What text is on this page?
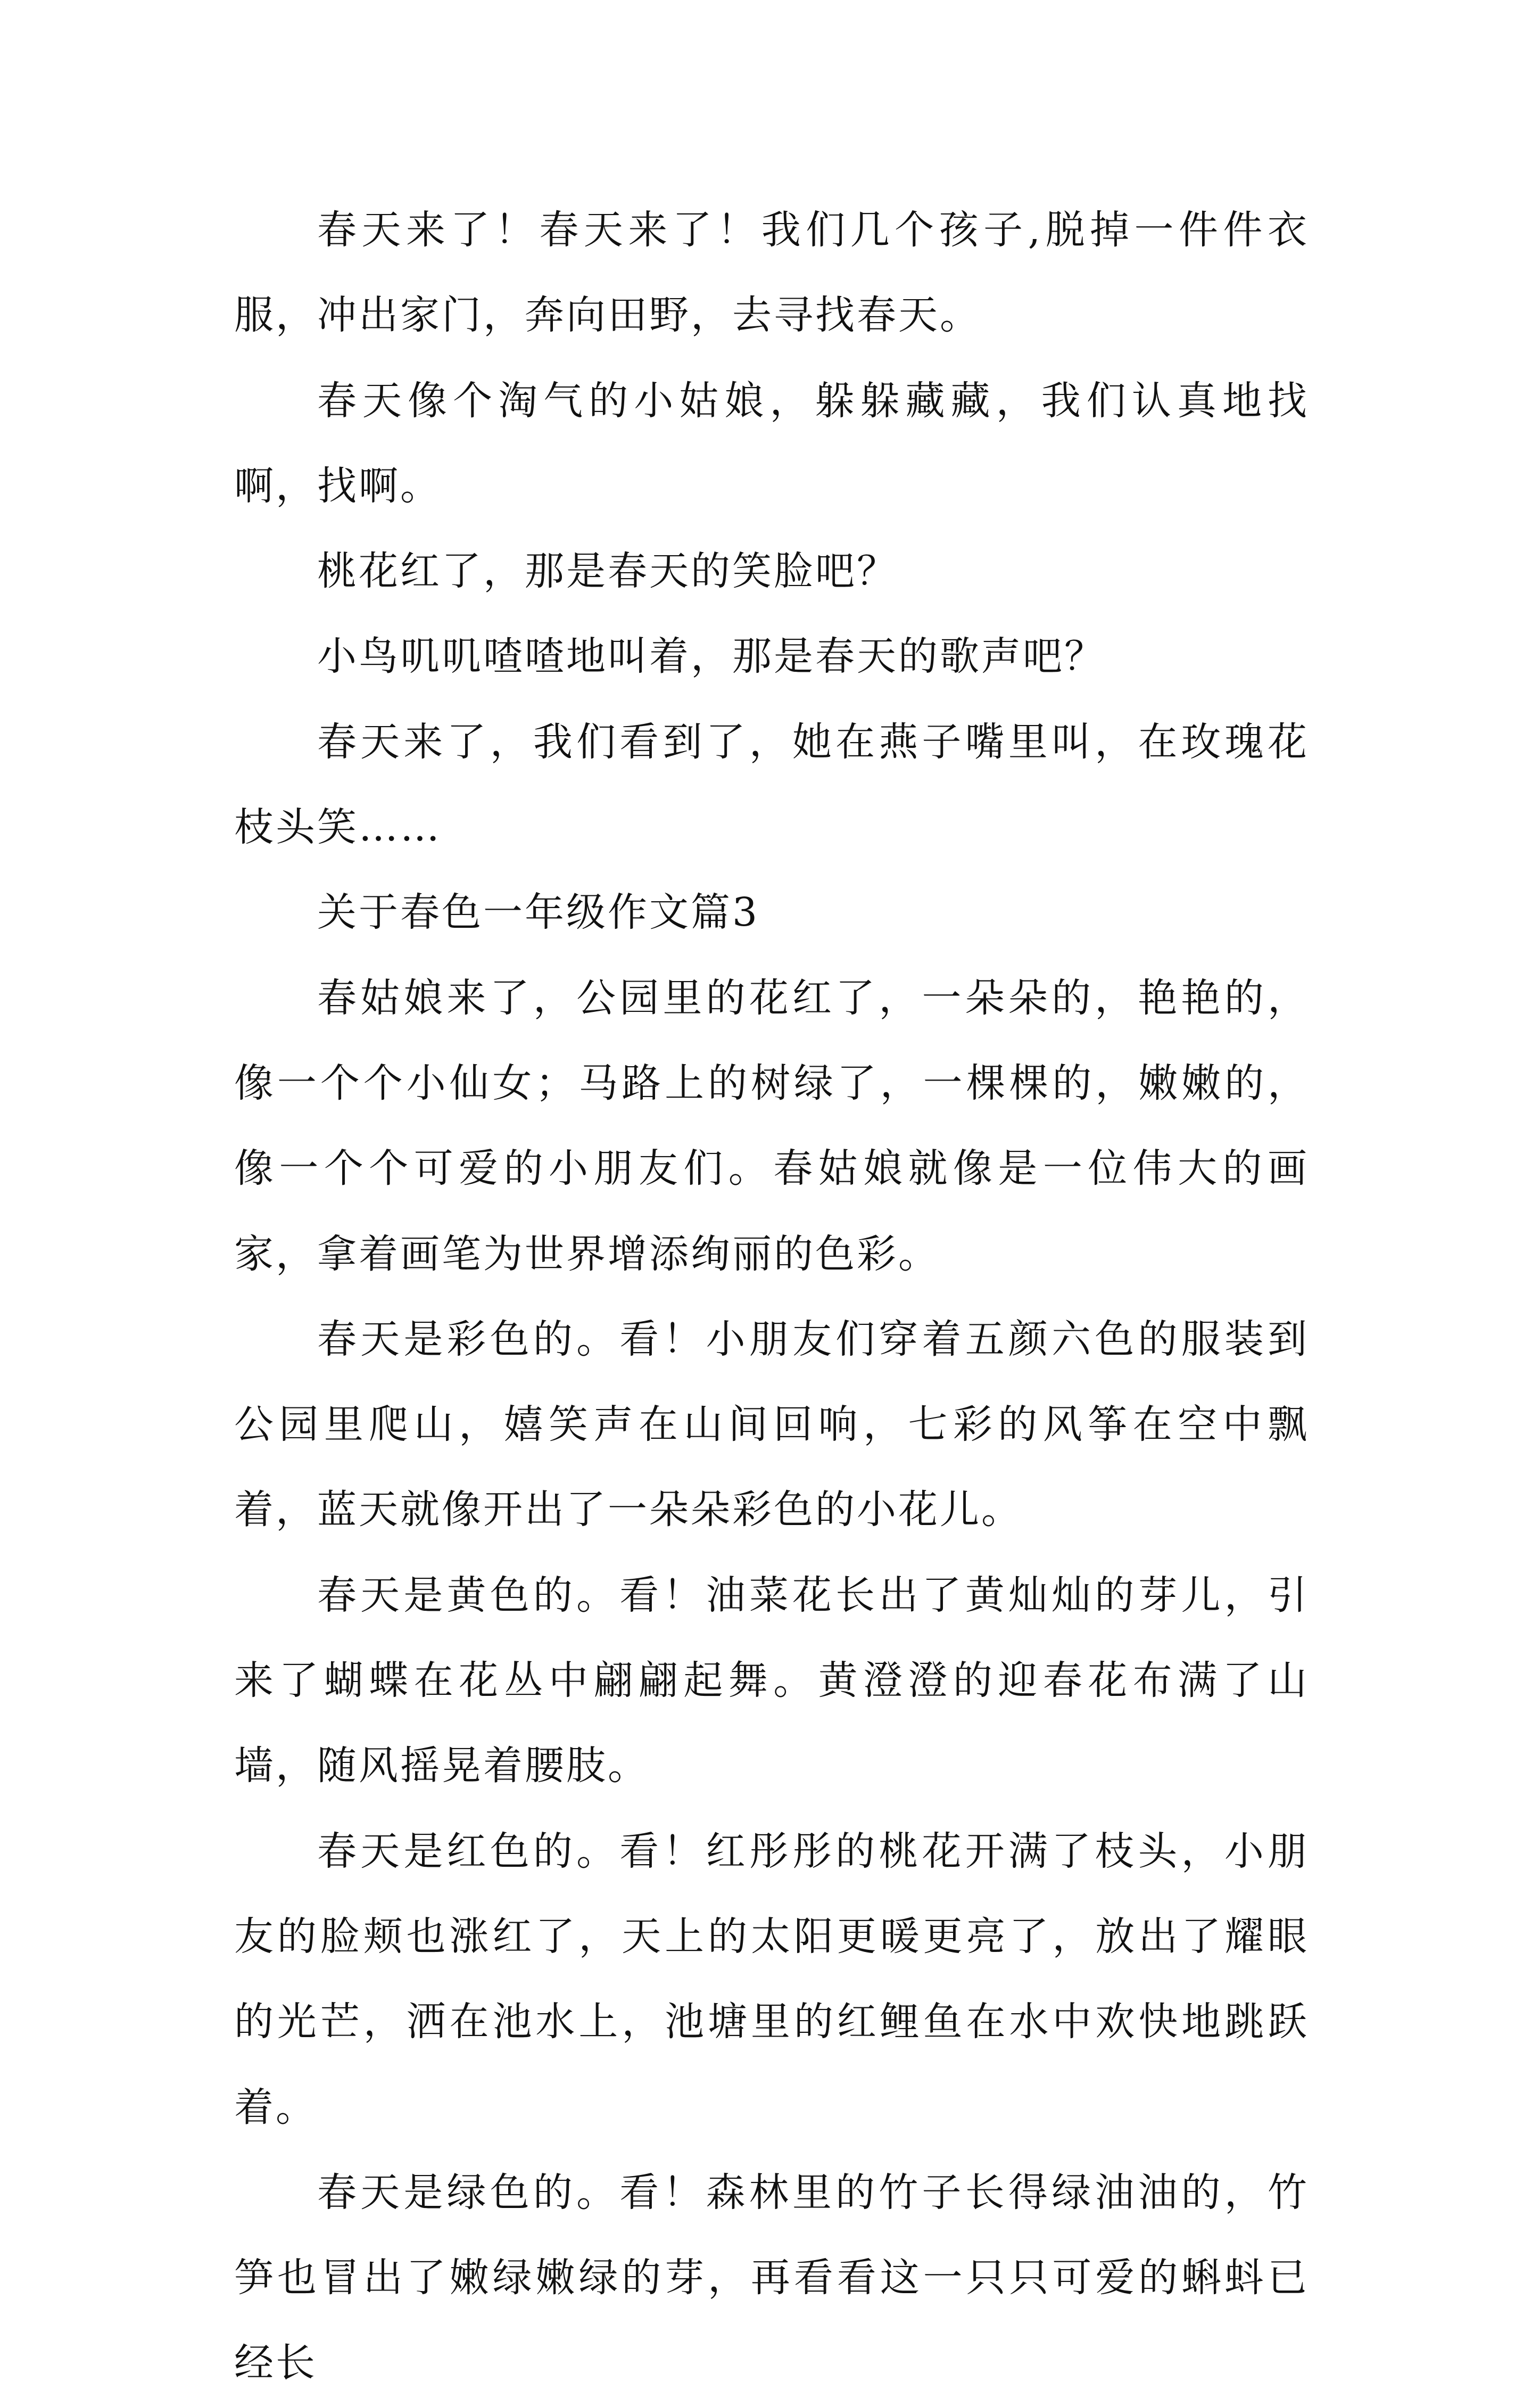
春天来了！春天来了！我们几个孩子,脱掉一件件衣服，冲出家门，奔向田野，去寻找春天。

春天像个淘气的小姑娘，躲躲藏藏，我们认真地找啊，找啊。

桃花红了，那是春天的笑脸吧？

小鸟叽叽喳喳地叫着，那是春天的歌声吧？

春天来了，我们看到了，她在燕子嘴里叫，在玫瑰花枝头笑……

关于春色一年级作文篇3

春姑娘来了，公园里的花红了，一朵朵的，艳艳的，像一个个小仙女；马路上的树绿了，一棵棵的，嫩嫩的，像一个个可爱的小朋友们。春姑娘就像是一位伟大的画家，拿着画笔为世界增添绚丽的色彩。

春天是彩色的。看！小朋友们穿着五颜六色的服装到公园里爬山，嬉笑声在山间回响，七彩的风筝在空中飘着，蓝天就像开出了一朵朵彩色的小花儿。

春天是黄色的。看！油菜花长出了黄灿灿的芽儿，引来了蝴蝶在花丛中翩翩起舞。黄澄澄的迎春花布满了山墙，随风摇晃着腰肢。

春天是红色的。看！红彤彤的桃花开满了枝头，小朋友的脸颊也涨红了，天上的太阳更暖更亮了，放出了耀眼的光芒，洒在池水上，池塘里的红鲤鱼在水中欢快地跳跃着。

春天是绿色的。看！森林里的竹子长得绿油油的，竹笋也冒出了嫩绿嫩绿的芽，再看看这一只只可爱的蝌蚪已经长
